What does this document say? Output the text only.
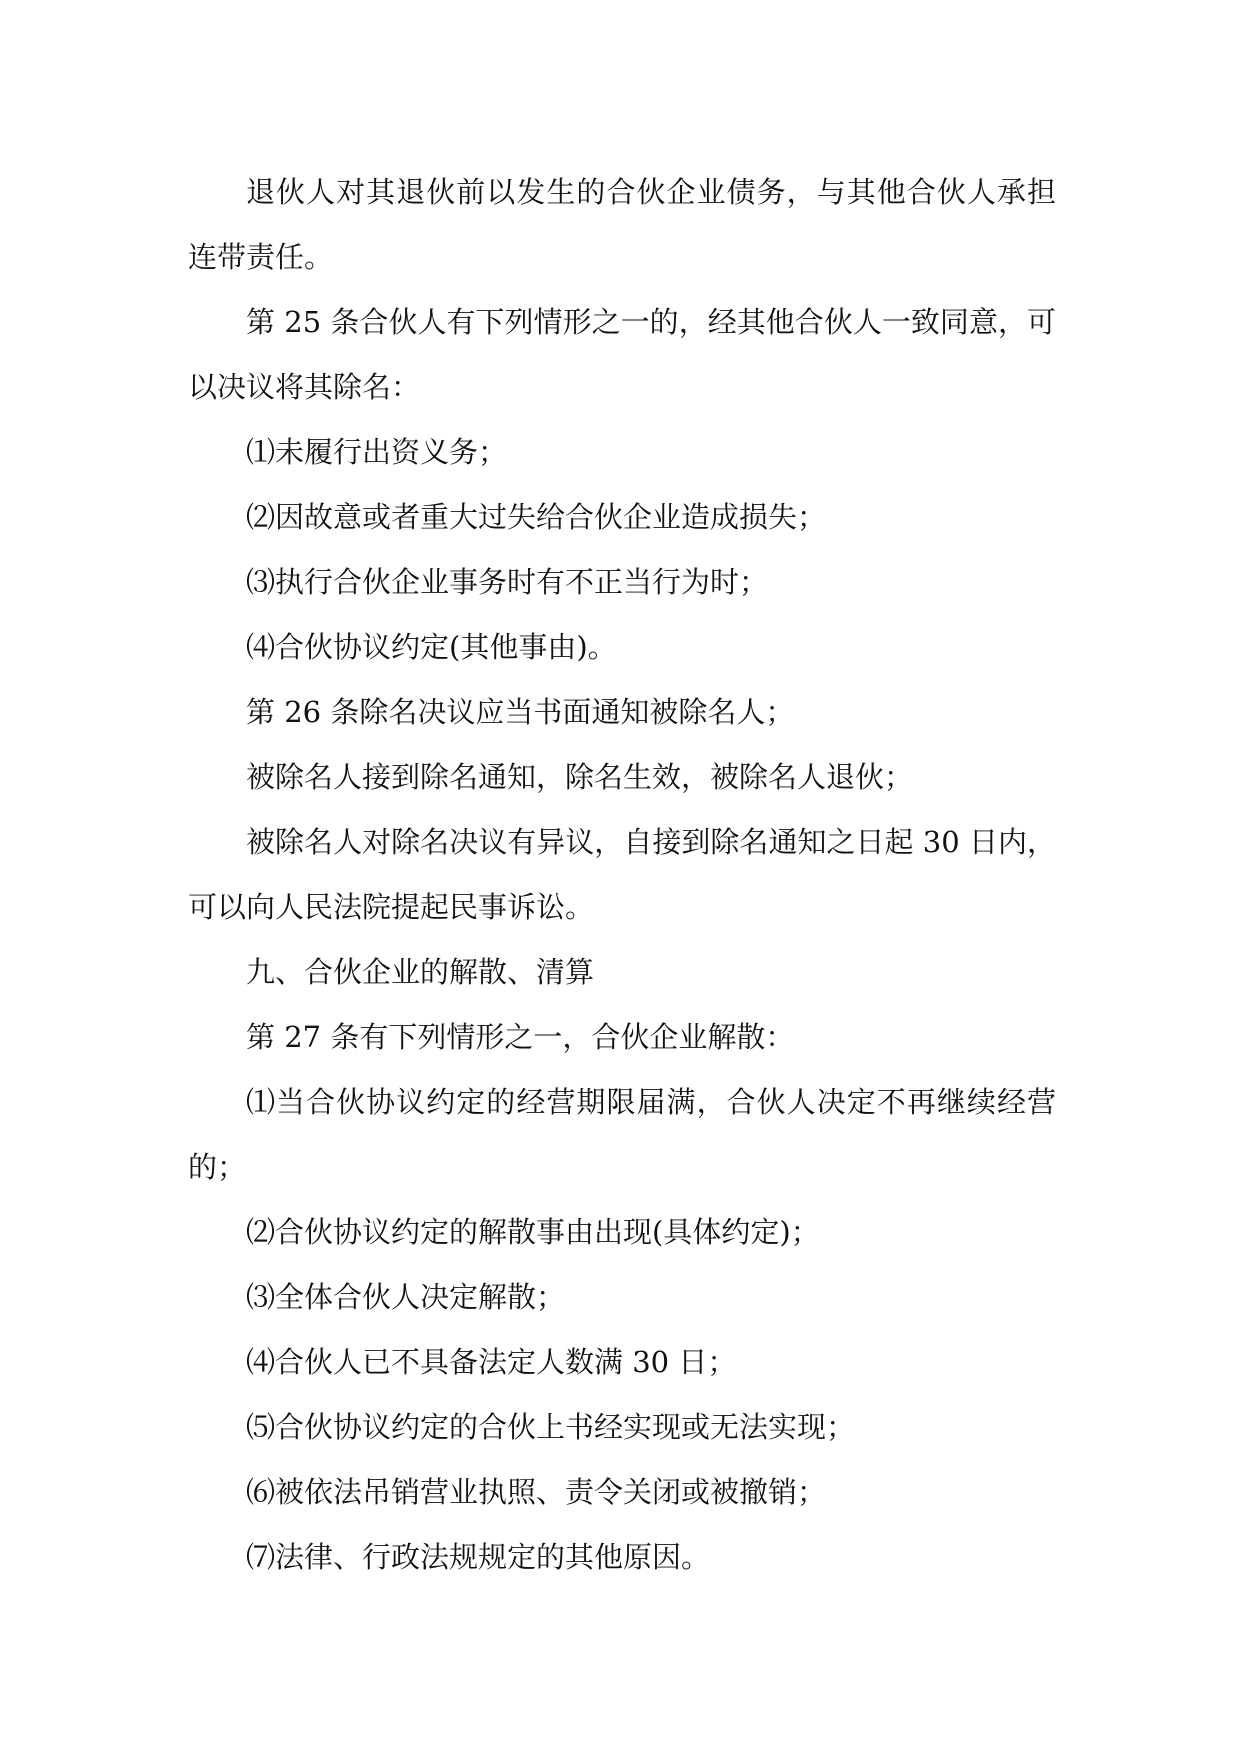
退伙人对其退伙前以发生的合伙企业债务，与其他合伙人承担连带责任。

第 25 条合伙人有下列情形之一的，经其他合伙人一致同意，可以决议将其除名：

⑴未履行出资义务；

⑵因故意或者重大过失给合伙企业造成损失；

⑶执行合伙企业事务时有不正当行为时；

⑷合伙协议约定(其他事由)。

第 26 条除名决议应当书面通知被除名人；

被除名人接到除名通知，除名生效，被除名人退伙；

被除名人对除名决议有异议，自接到除名通知之日起 30 日内，可以向人民法院提起民事诉讼。

九、合伙企业的解散、清算

第 27 条有下列情形之一，合伙企业解散：

⑴当合伙协议约定的经营期限届满，合伙人决定不再继续经营的；

⑵合伙协议约定的解散事由出现(具体约定)；

⑶全体合伙人决定解散；

⑷合伙人已不具备法定人数满 30 日；

⑸合伙协议约定的合伙上书经实现或无法实现；

⑹被依法吊销营业执照、责令关闭或被撤销；

⑺法律、行政法规规定的其他原因。
